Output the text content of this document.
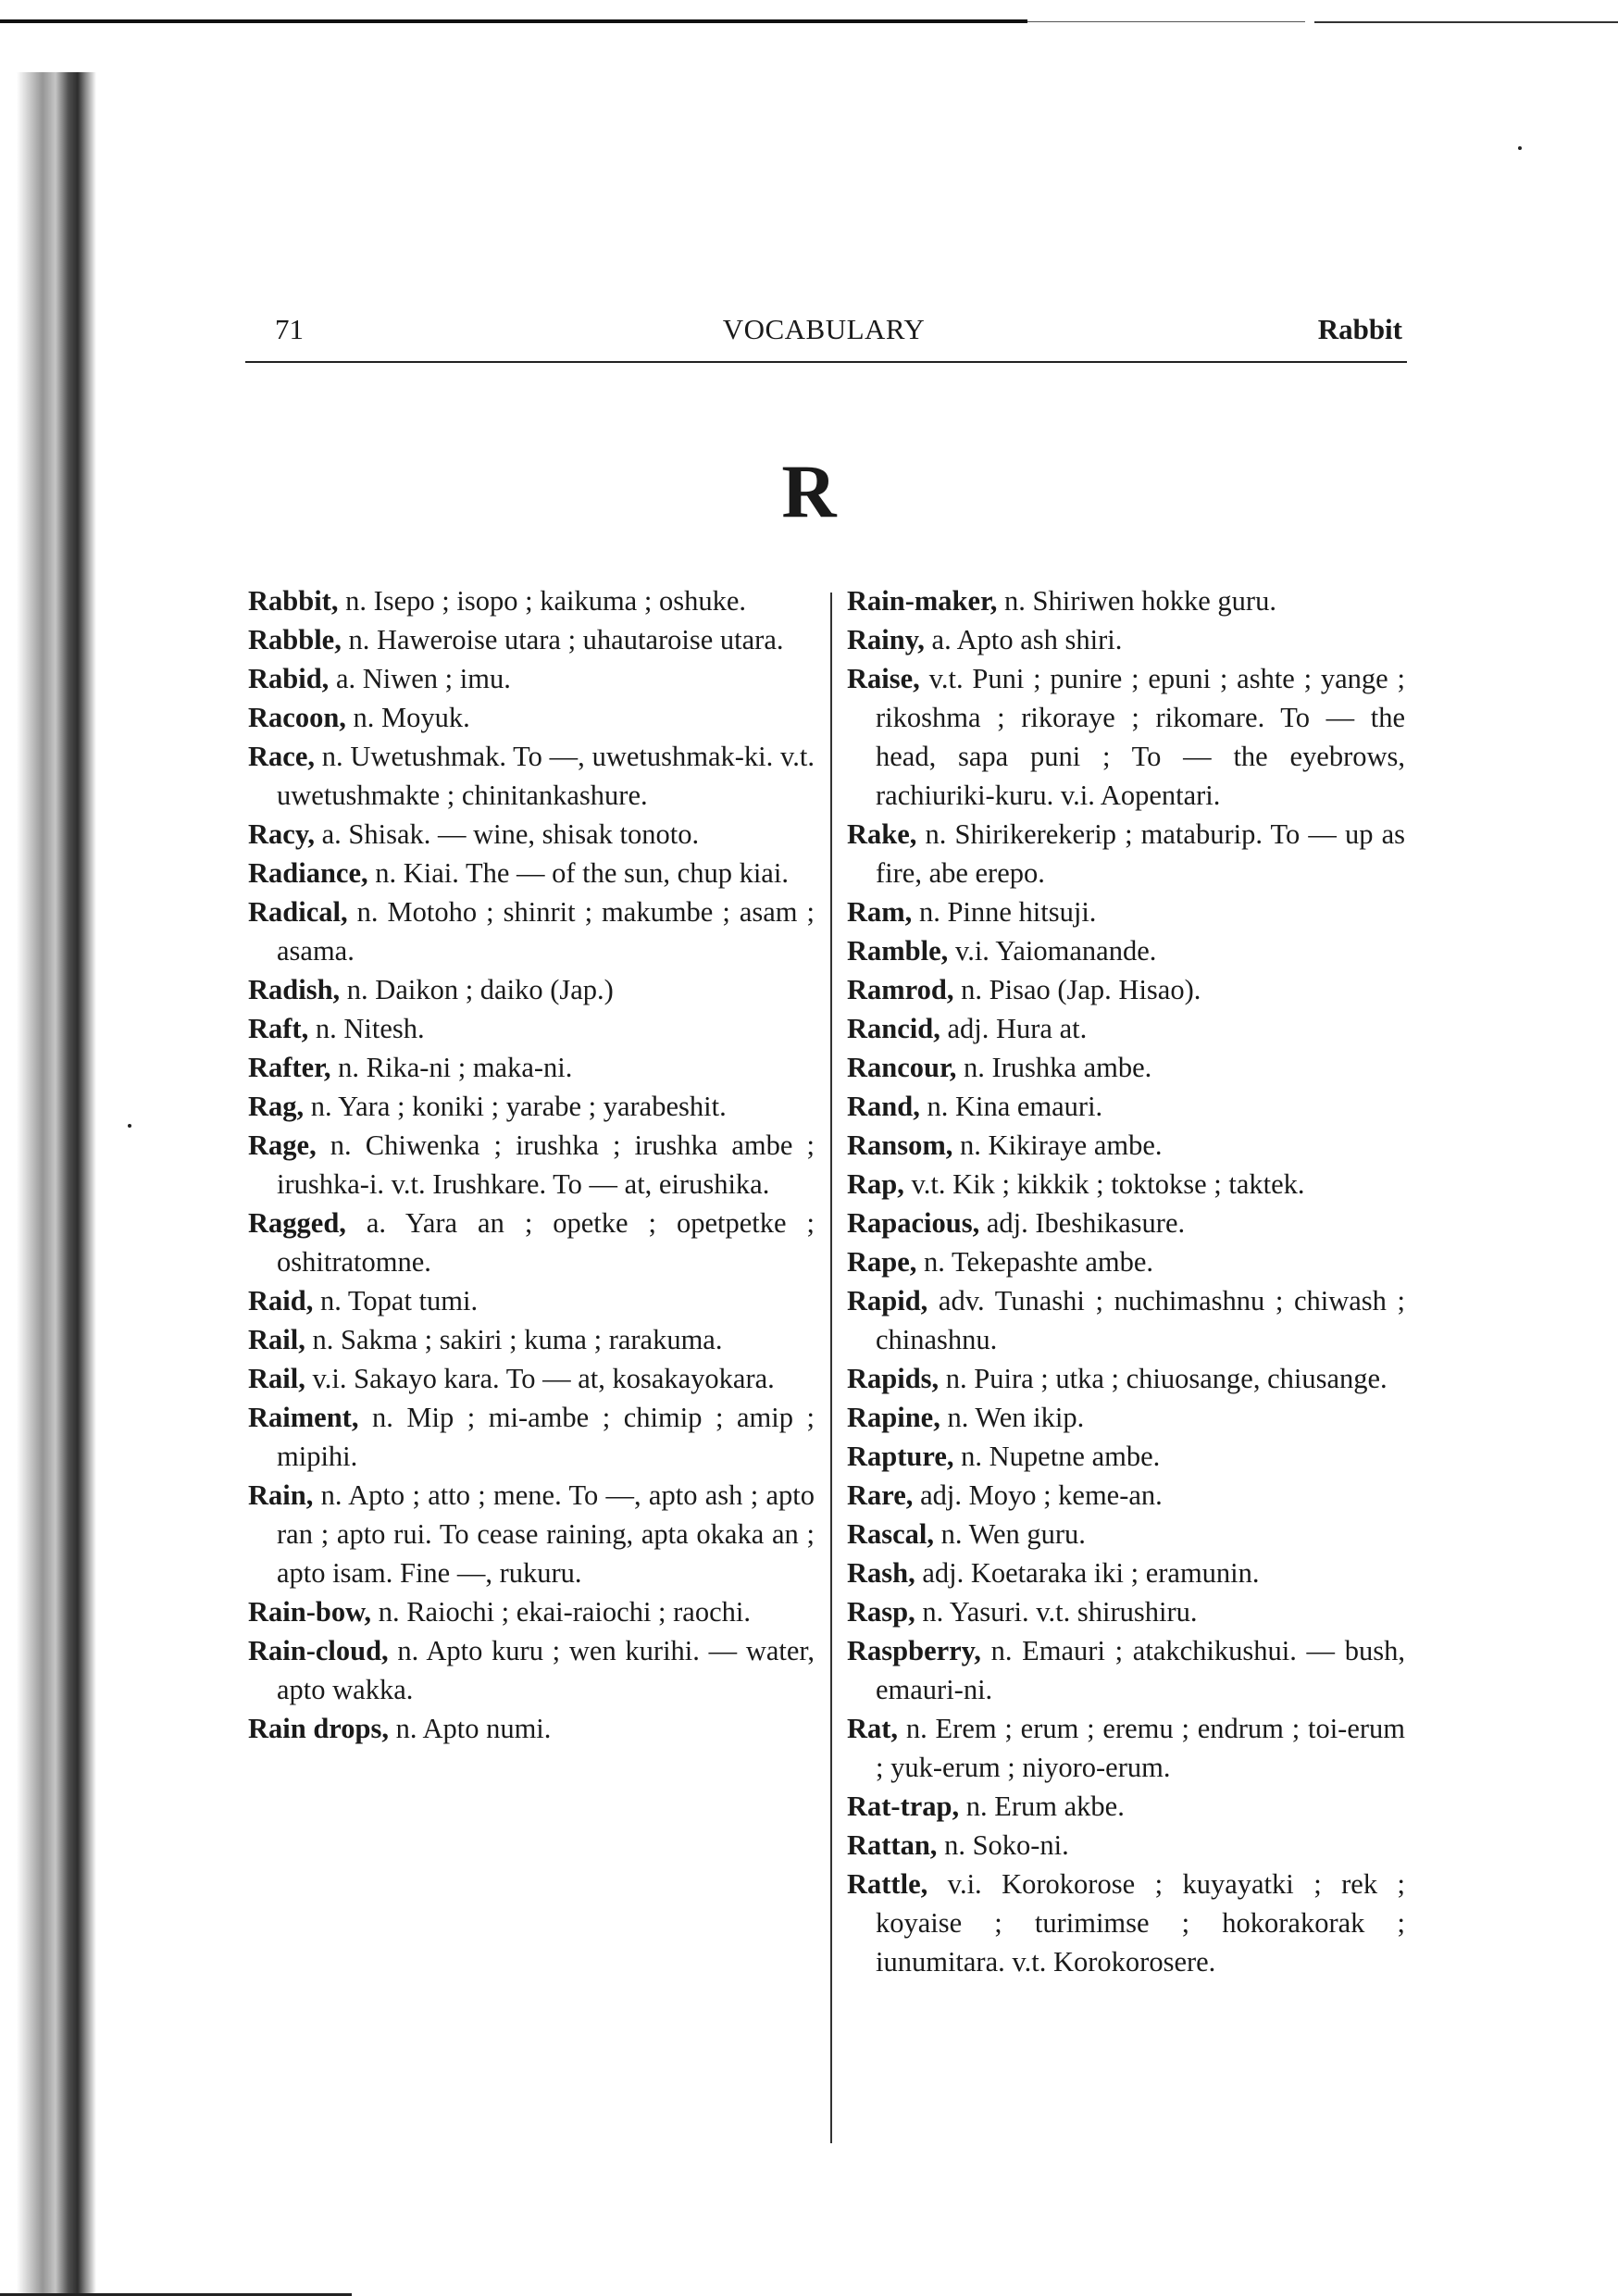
71	VOCABULARY	Rabbit
R

Rabbit, n. Isepo ; isopo ; kaikuma ; oshuke.

Rabble, n. Haweroise utara ; uhautaroise utara.

Rabid, a. Niwen ; imu.

Racoon, n. Moyuk.

Race, n. Uwetushmak. To —, uwetushmak-ki. v.t. uwetushmakte ; chinitankashure.

Racy, a. Shisak. — wine, shisak tonoto.

Radiance, n. Kiai. The — of the sun, chup kiai.

Radical, n. Motoho ; shinrit ; makumbe ; asam ; asama.

Radish, n. Daikon ; daiko (Jap.)

Raft, n. Nitesh.

Rafter, n. Rika-ni ; maka-ni.

Rag, n. Yara ; koniki ; yarabe ; yarabeshit.

Rage, n. Chiwenka ; irushka ; irushka ambe ; irushka-i. v.t. Irushkare. To — at, eirushika.

Ragged, a. Yara an ; opetke ; opetpetke ; oshitratomne.

Raid, n. Topat tumi.

Rail, n. Sakma ; sakiri ; kuma ; rarakuma.

Rail, v.i. Sakayo kara. To — at, kosakayokara.

Raiment, n. Mip ; mi-ambe ; chimip ; amip ; mipihi.

Rain, n. Apto ; atto ; mene. To —, apto ash ; apto ran ; apto rui. To cease raining, apta okaka an ; apto isam. Fine —, rukuru.

Rain-bow, n. Raiochi ; ekai-raiochi ; raochi.

Rain-cloud, n. Apto kuru ; wen kurihi. — water, apto wakka.

Rain drops, n. Apto numi.

Rain-maker, n. Shiriwen hokke guru.

Rainy, a. Apto ash shiri.

Raise, v.t. Puni ; punire ; epuni ; ashte ; yange ; rikoshma ; rikoraye ; rikomare. To — the head, sapa puni ; To — the eyebrows, rachiuriki-kuru. v.i. Aopentari.

Rake, n. Shirikerekerip ; mataburip. To — up as fire, abe erepo.

Ram, n. Pinne hitsuji.

Ramble, v.i. Yaiomanande.

Ramrod, n. Pisao (Jap. Hisao).

Rancid, adj. Hura at.

Rancour, n. Irushka ambe.

Rand, n. Kina emauri.

Ransom, n. Kikiraye ambe.

Rap, v.t. Kik ; kikkik ; toktokse ; taktek.

Rapacious, adj. Ibeshikasure.

Rape, n. Tekepashte ambe.

Rapid, adv. Tunashi ; nuchimashnu ; chiwash ; chinashnu.

Rapids, n. Puira ; utka ; chiuosange, chiusange.

Rapine, n. Wen ikip.

Rapture, n. Nupetne ambe.

Rare, adj. Moyo ; keme-an.

Rascal, n. Wen guru.

Rash, adj. Koetaraka iki ; eramunin.

Rasp, n. Yasuri. v.t. shirushiru.

Raspberry, n. Emauri ; atakchikushui. — bush, emauri-ni.

Rat, n. Erem ; erum ; eremu ; endrum ; toi-erum ; yuk-erum ; niyoro-erum.

Rat-trap, n. Erum akbe.

Rattan, n. Soko-ni.

Rattle, v.i. Korokorose ; kuyayatki ; rek ; koyaise ; turimimse ; hokorakorak ; iunumitara. v.t. Korokorosere.
